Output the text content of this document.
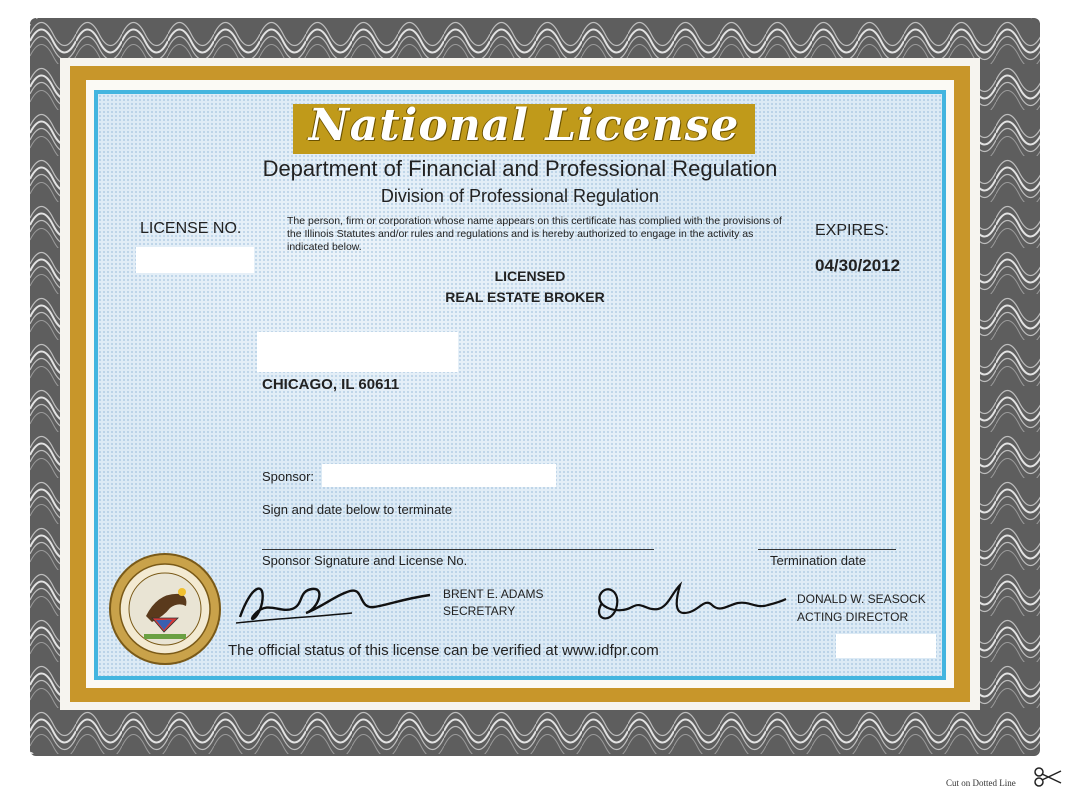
National License
Department of Financial and Professional Regulation
Division of Professional Regulation
LICENSE NO.	The person, firm or corporation whose name appears on this certificate has complied with the provisions of the Illinois Statutes and/or rules and regulations and is hereby authorized to engage in the activity as indicated below.
LICENSED
REAL ESTATE BROKER
EXPIRES:
04/30/2012
CHICAGO, IL 60611
Sponsor:
Sign and date below to terminate
Sponsor Signature and License No.	Termination date
BRENT E. ADAMS
SECRETARY
DONALD W. SEASOCK
ACTING DIRECTOR
The official status of this license can be verified at www.idfpr.com
Cut on Dotted Line
